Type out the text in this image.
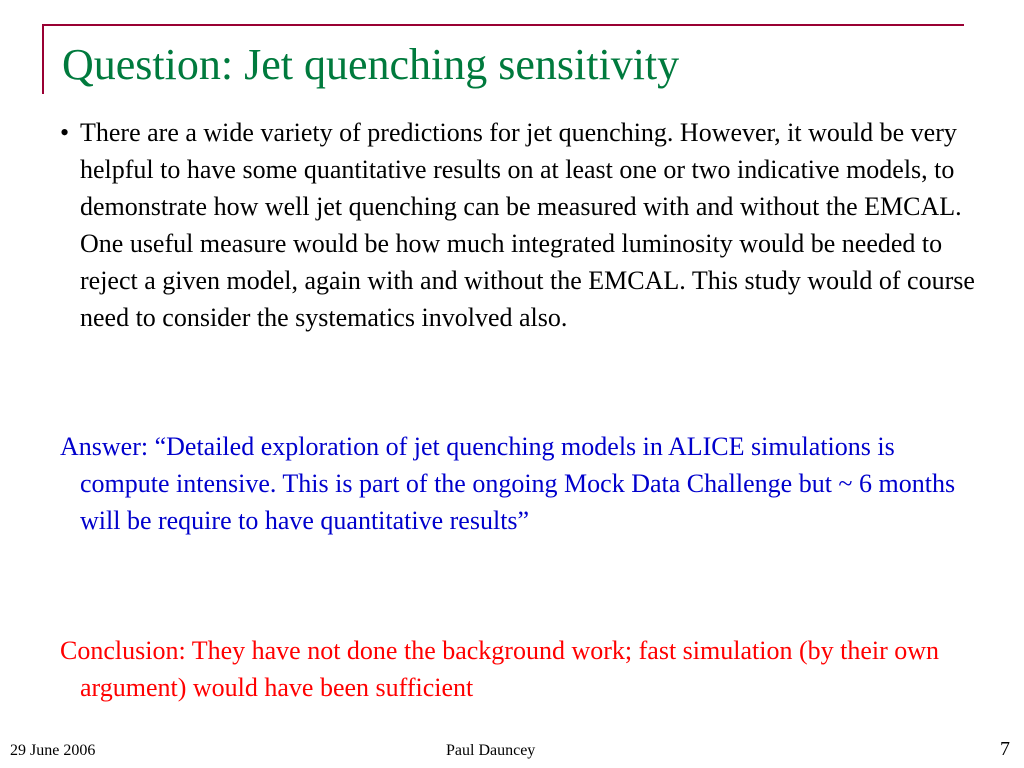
Question: Jet quenching sensitivity

• There are a wide variety of predictions for jet quenching. However, it would be very helpful to have some quantitative results on at least one or two indicative models, to demonstrate how well jet quenching can be measured with and without the EMCAL. One useful measure would be how much integrated luminosity would be needed to reject a given model, again with and without the EMCAL. This study would of course need to consider the systematics involved also.

Answer: “Detailed exploration of jet quenching models in ALICE simulations is compute intensive. This is part of the ongoing Mock Data Challenge but ~ 6 months will be require to have quantitative results”

Conclusion: They have not done the background work; fast simulation (by their own argument) would have been sufficient

29 June 2006	Paul Dauncey	7
